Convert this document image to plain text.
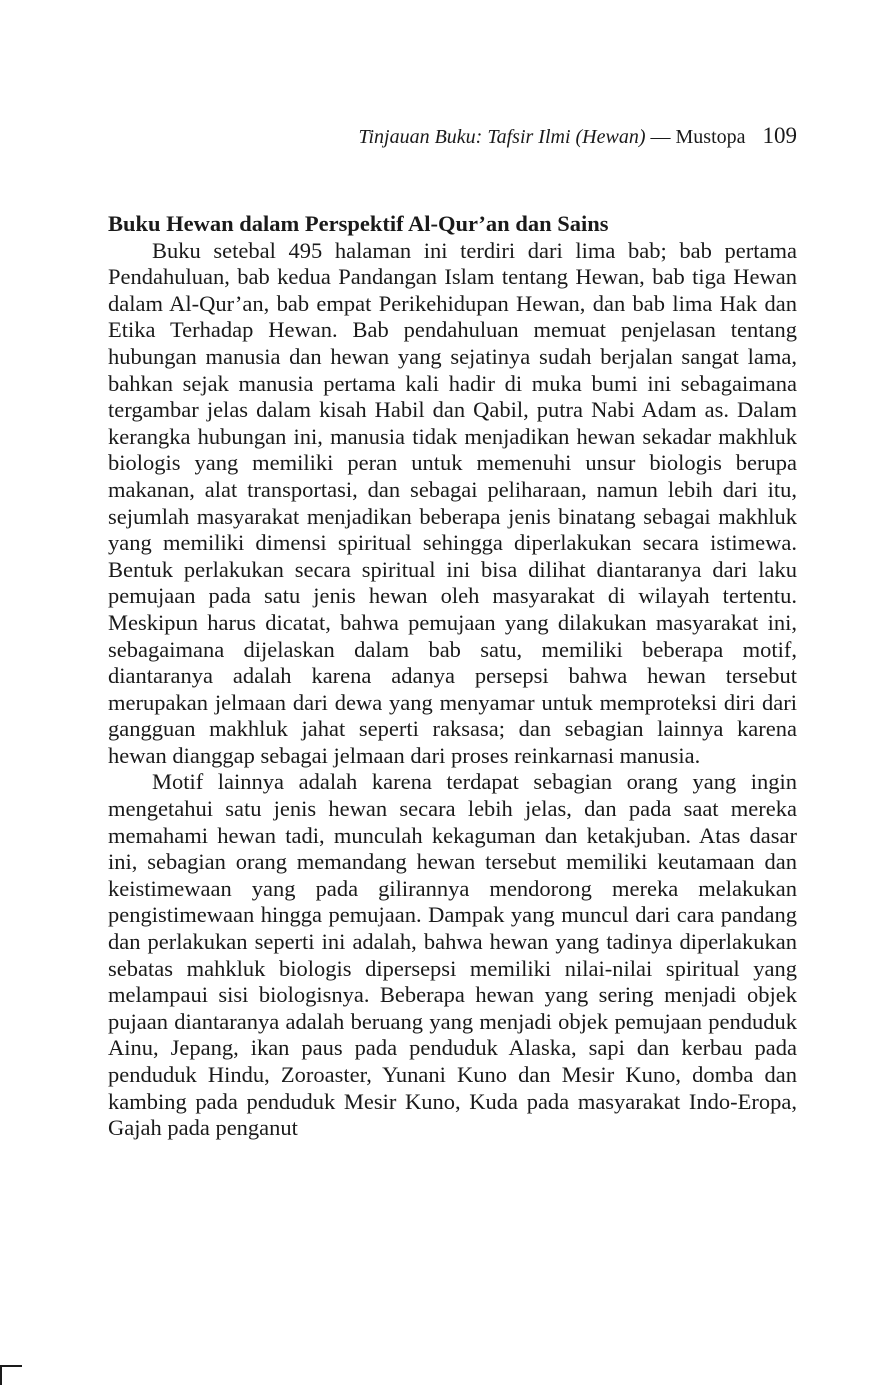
Tinjauan Buku: Tafsir Ilmi (Hewan) — Mustopa 109
Buku Hewan dalam Perspektif Al-Qur’an dan Sains

Buku setebal 495 halaman ini terdiri dari lima bab; bab pertama Pendahuluan, bab kedua Pandangan Islam tentang Hewan, bab tiga Hewan dalam Al-Qur’an, bab empat Perikehidupan Hewan, dan bab lima Hak dan Etika Terhadap Hewan. Bab pendahuluan memuat penjelasan tentang hubungan manusia dan hewan yang sejatinya sudah berjalan sangat lama, bahkan sejak manusia pertama kali hadir di muka bumi ini sebagaimana tergambar jelas dalam kisah Habil dan Qabil, putra Nabi Adam as. Dalam kerangka hubungan ini, manusia tidak menjadikan hewan sekadar makhluk biologis yang memiliki peran untuk memenuhi unsur biologis berupa makanan, alat transportasi, dan sebagai peliharaan, namun lebih dari itu, sejumlah masyarakat menjadikan beberapa jenis binatang sebagai makhluk yang memiliki dimensi spiritual sehingga diperlakukan secara istimewa. Bentuk perlakukan secara spiritual ini bisa dilihat diantaranya dari laku pemujaan pada satu jenis hewan oleh masyarakat di wilayah tertentu. Meskipun harus dicatat, bahwa pemujaan yang dilakukan masyarakat ini, sebagaimana dijelaskan dalam bab satu, memiliki beberapa motif, diantaranya adalah karena adanya persepsi bahwa hewan tersebut merupakan jelmaan dari dewa yang menyamar untuk memproteksi diri dari gangguan makhluk jahat seperti raksasa; dan sebagian lainnya karena hewan dianggap sebagai jelmaan dari proses reinkarnasi manusia.

Motif lainnya adalah karena terdapat sebagian orang yang ingin mengetahui satu jenis hewan secara lebih jelas, dan pada saat mereka memahami hewan tadi, munculah kekaguman dan ketakjuban. Atas dasar ini, sebagian orang memandang hewan tersebut memiliki keutamaan dan keistimewaan yang pada gilirannya mendorong mereka melakukan pengistimewaan hingga pemujaan. Dampak yang muncul dari cara pandang dan perlakukan seperti ini adalah, bahwa hewan yang tadinya diperlakukan sebatas mahkluk biologis dipersepsi memiliki nilai-nilai spiritual yang melampaui sisi biologisnya. Beberapa hewan yang sering menjadi objek pujaan diantaranya adalah beruang yang menjadi objek pemujaan penduduk Ainu, Jepang, ikan paus pada penduduk Alaska, sapi dan kerbau pada penduduk Hindu, Zoroaster, Yunani Kuno dan Mesir Kuno, domba dan kambing pada penduduk Mesir Kuno, Kuda pada masyarakat Indo-Eropa, Gajah pada penganut
